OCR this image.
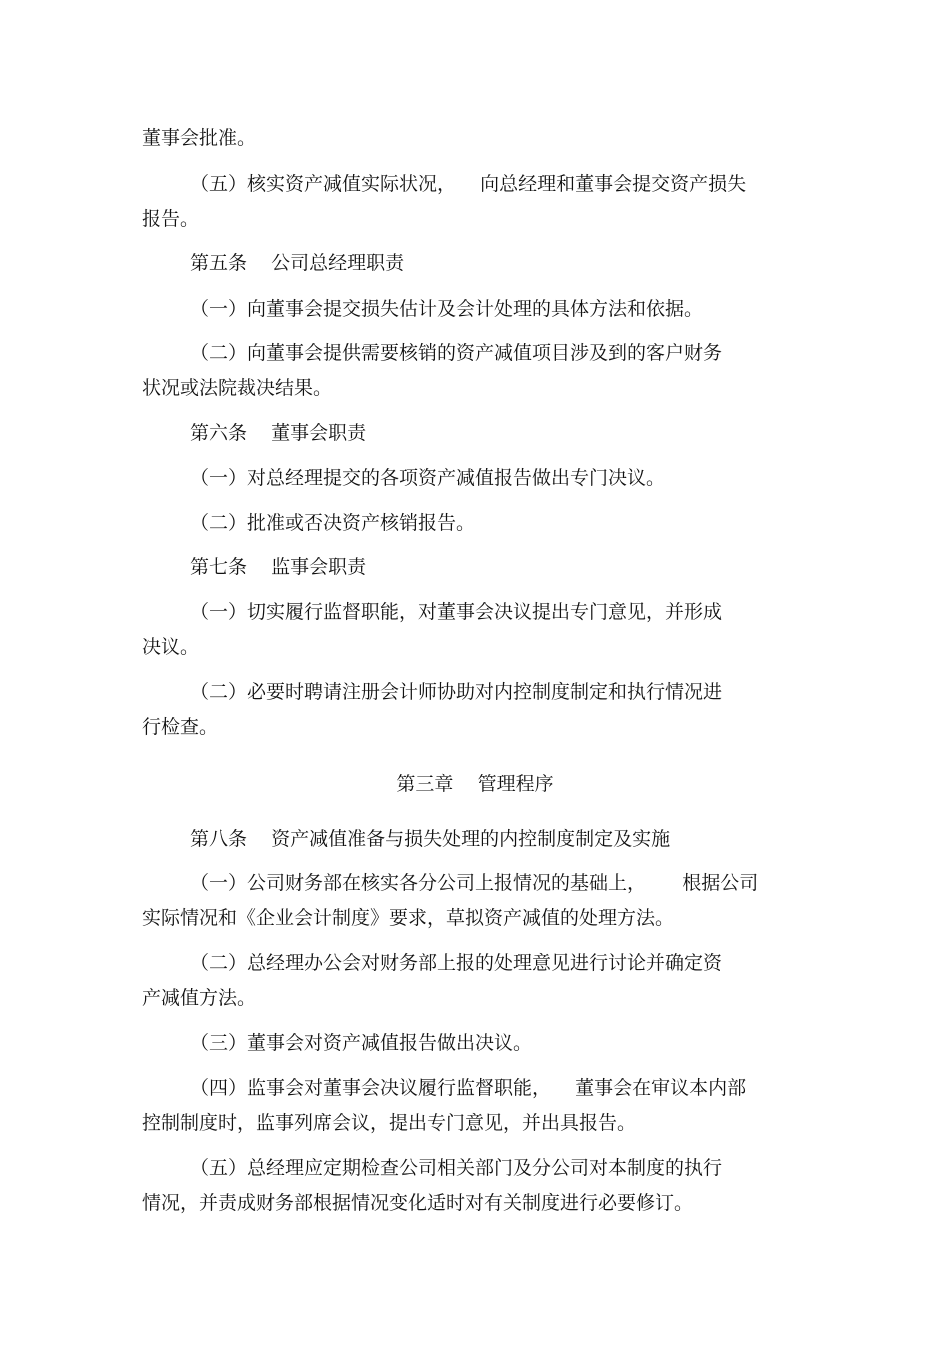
董事会批准。
（五）核实资产减值实际状况，    向总经理和董事会提交资产损失
报告。
第五条    公司总经理职责
（一）向董事会提交损失估计及会计处理的具体方法和依据。
（二）向董事会提供需要核销的资产减值项目涉及到的客户财务
状况或法院裁决结果。
第六条    董事会职责
（一）对总经理提交的各项资产减值报告做出专门决议。
（二）批准或否决资产核销报告。
第七条    监事会职责
（一）切实履行监督职能，对董事会决议提出专门意见，并形成
决议。
（二）必要时聘请注册会计师协助对内控制度制定和执行情况进
行检查。
第三章    管理程序
第八条    资产减值准备与损失处理的内控制度制定及实施
（一）公司财务部在核实各分公司上报情况的基础上，      根据公司
实际情况和《企业会计制度》要求，草拟资产减值的处理方法。
（二）总经理办公会对财务部上报的处理意见进行讨论并确定资
产减值方法。
（三）董事会对资产减值报告做出决议。
（四）监事会对董事会决议履行监督职能，    董事会在审议本内部
控制制度时，监事列席会议，提出专门意见，并出具报告。
（五）总经理应定期检查公司相关部门及分公司对本制度的执行
情况，并责成财务部根据情况变化适时对有关制度进行必要修订。
